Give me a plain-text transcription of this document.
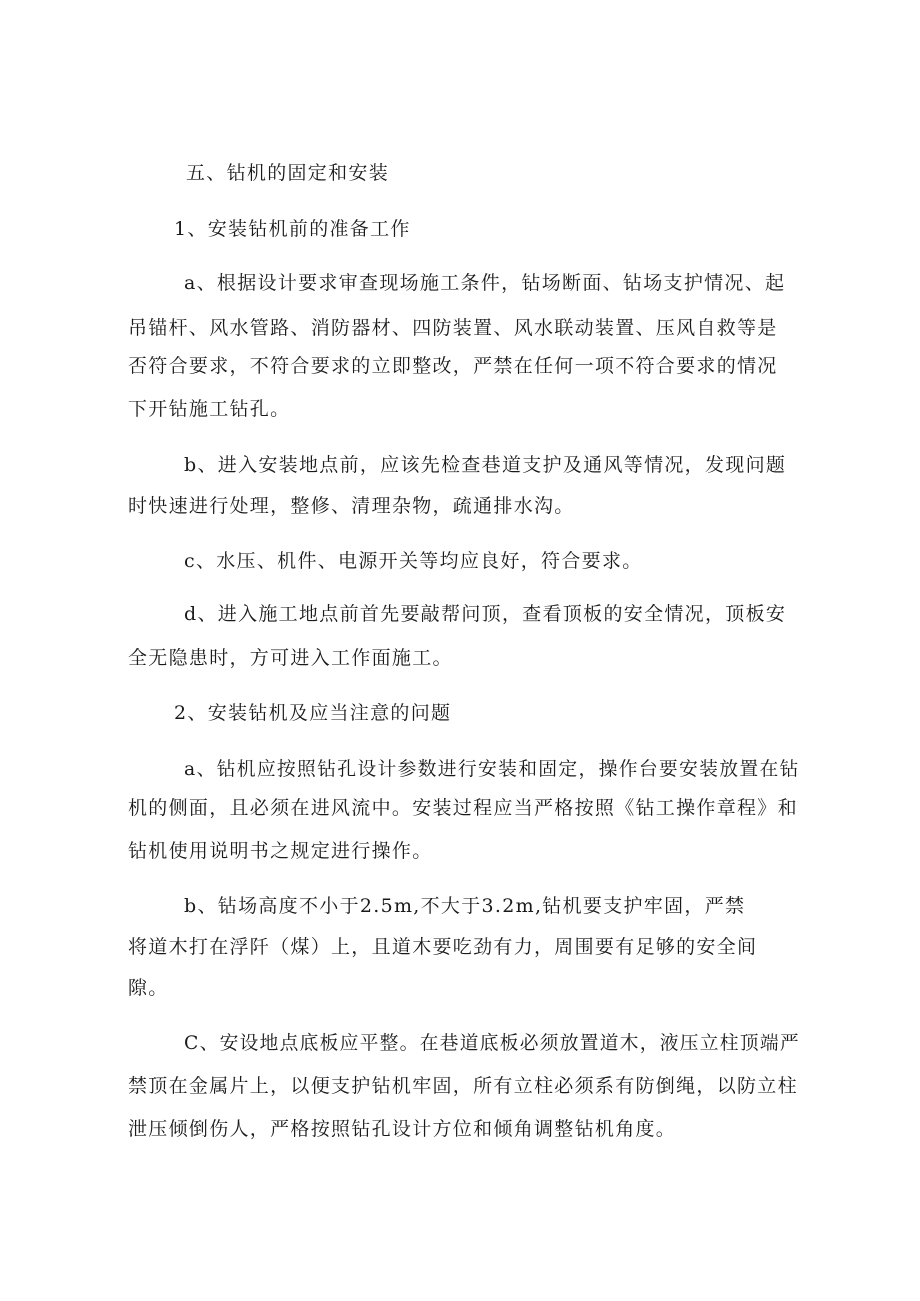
五、钻机的固定和安装
1、安装钻机前的准备工作
a、根据设计要求审查现场施工条件，钻场断面、钻场支护情况、起
吊锚杆、风水管路、消防器材、四防装置、风水联动装置、压风自救等是
否符合要求，不符合要求的立即整改，严禁在任何一项不符合要求的情况
下开钻施工钻孔。
b、进入安装地点前，应该先检查巷道支护及通风等情况，发现问题
时快速进行处理，整修、清理杂物，疏通排水沟。
c、水压、机件、电源开关等均应良好，符合要求。
d、进入施工地点前首先要敲帮问顶，查看顶板的安全情况，顶板安
全无隐患时，方可进入工作面施工。
2、安装钻机及应当注意的问题
a、钻机应按照钻孔设计参数进行安装和固定，操作台要安装放置在钻
机的侧面，且必须在进风流中。安装过程应当严格按照《钻工操作章程》和
钻机使用说明书之规定进行操作。
b、钻场高度不小于2.5m,不大于3.2m,钻机要支护牢固，严禁
将道木打在浮阡（煤）上，且道木要吃劲有力，周围要有足够的安全间
隙。
C、安设地点底板应平整。在巷道底板必须放置道木，液压立柱顶端严
禁顶在金属片上，以便支护钻机牢固，所有立柱必须系有防倒绳，以防立柱
泄压倾倒伤人，严格按照钻孔设计方位和倾角调整钻机角度。
